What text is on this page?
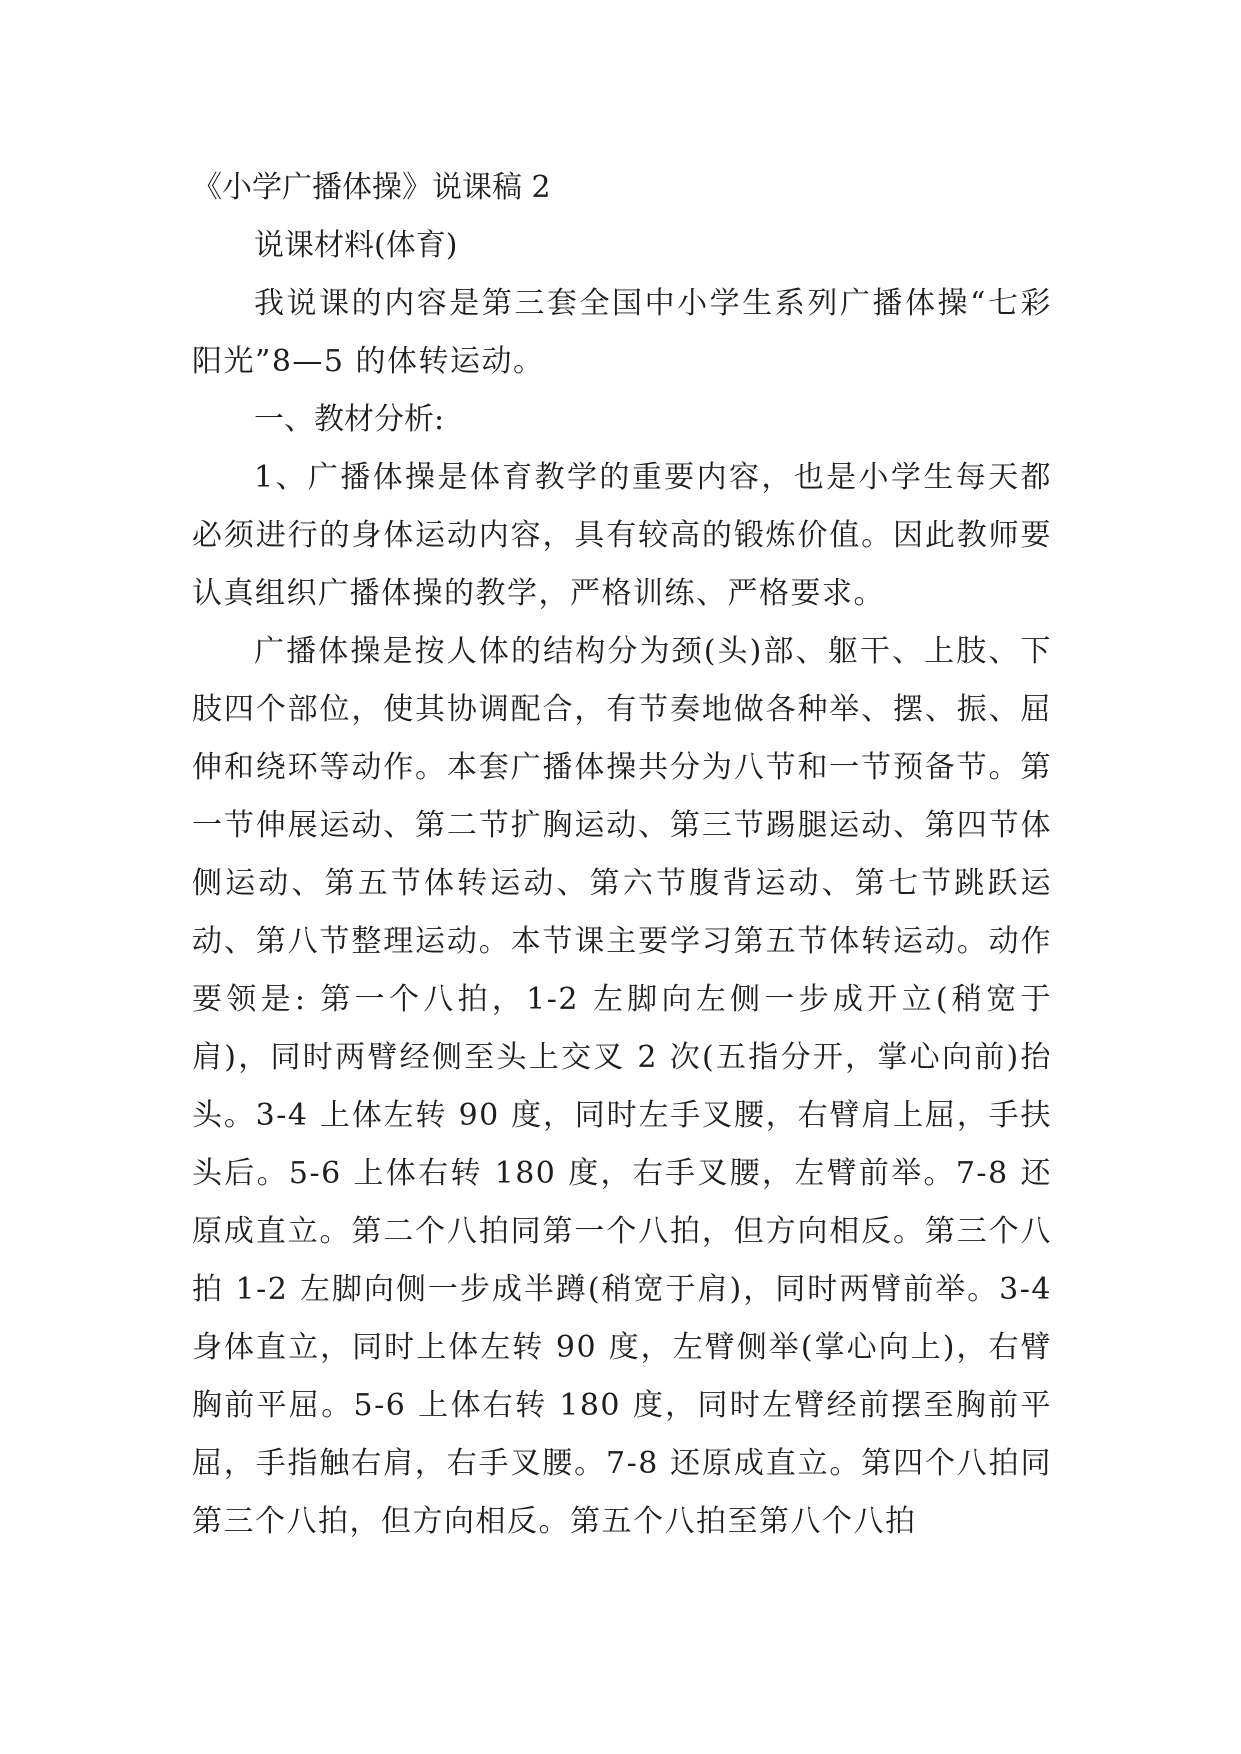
《小学广播体操》说课稿 2

说课材料(体育)

我说课的内容是第三套全国中小学生系列广播体操“七彩阳光”8—5 的体转运动。

一、教材分析:

1、广播体操是体育教学的重要内容，也是小学生每天都必须进行的身体运动内容，具有较高的锻炼价值。因此教师要认真组织广播体操的教学，严格训练、严格要求。

广播体操是按人体的结构分为颈(头)部、躯干、上肢、下肢四个部位，使其协调配合，有节奏地做各种举、摆、振、屈伸和绕环等动作。本套广播体操共分为八节和一节预备节。第一节伸展运动、第二节扩胸运动、第三节踢腿运动、第四节体侧运动、第五节体转运动、第六节腹背运动、第七节跳跃运动、第八节整理运动。本节课主要学习第五节体转运动。动作要领是: 第一个八拍，1-2 左脚向左侧一步成开立(稍宽于肩)，同时两臂经侧至头上交叉 2 次(五指分开，掌心向前)抬头。3-4 上体左转 90 度，同时左手叉腰，右臂肩上屈，手扶头后。5-6 上体右转 180 度，右手叉腰，左臂前举。7-8 还原成直立。第二个八拍同第一个八拍，但方向相反。第三个八拍 1-2 左脚向侧一步成半蹲(稍宽于肩)，同时两臂前举。3-4 身体直立，同时上体左转 90 度，左臂侧举(掌心向上)，右臂胸前平屈。5-6 上体右转 180 度，同时左臂经前摆至胸前平屈，手指触右肩，右手叉腰。7-8 还原成直立。第四个八拍同第三个八拍，但方向相反。第五个八拍至第八个八拍
